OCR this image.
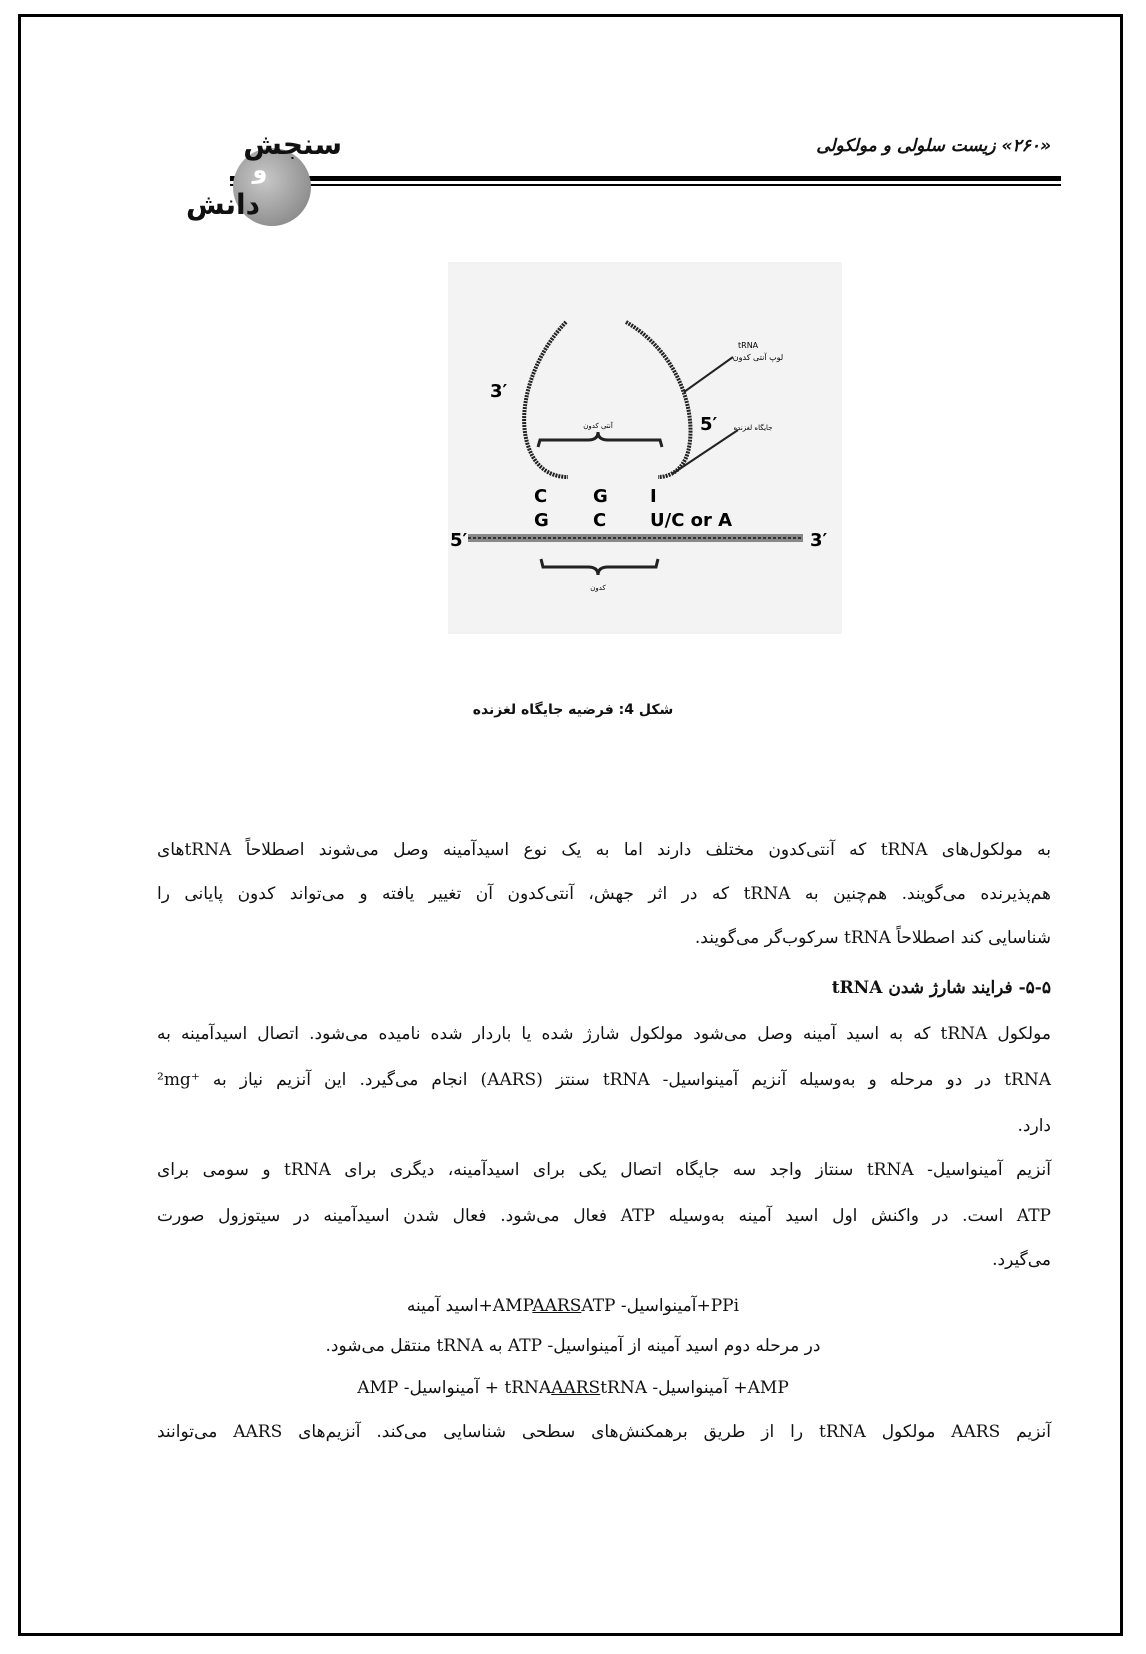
«۲۶۰» زیست سلولی و مولکولی
سنجش
و
دانش
3′
5′
tRNA
لوپ آنتی کدون
آنتی کدون	جایگاه لغزنده
C	G I
G C U/C or A
5′	3′
کدون
شکل 4: فرضیه جایگاه لغزنده
به مولکول‌های tRNA که آنتی‌کدون مختلف دارند اما به یک نوع اسیدآمینه وصل می‌شوند اصطلاحاً tRNAهای
هم‌پذیرنده می‌گویند. هم‌چنین به tRNA که در اثر جهش، آنتی‌کدون آن تغییر یافته و می‌تواند کدون پایانی را
شناسایی کند اصطلاحاً tRNA سرکوب‌گر می‌گویند.
۵-۵- فرایند شارژ شدن tRNA
مولکول tRNA که به اسید آمینه وصل می‌شود مولکول شارژ شده یا باردار شده نامیده می‌شود. اتصال اسیدآمینه به
tRNA در دو مرحله و به‌وسیله آنزیم آمینواسیل- tRNA سنتز (AARS) انجام می‌گیرد. این آنزیم نیاز به ⁺²mg
دارد.
آنزیم آمینواسیل- tRNA سنتاز واجد سه جایگاه اتصال یکی برای اسیدآمینه، دیگری برای tRNA و سومی برای
ATP است. در واکنش اول اسید آمینه به‌وسیله ATP فعال می‌شود. فعال شدن اسیدآمینه در سیتوزول صورت
می‌گیرد.
PPi+آمینواسیل- AMPAARSATP+اسید آمینه
در مرحله دوم اسید آمینه از آمینواسیل- ATP به tRNA منتقل می‌شود.
AMP+ آمینواسیل- tRNAAARStRNA + آمینواسیل- AMP
آنزیم AARS مولکول tRNA را از طریق برهمکنش‌های سطحی شناسایی می‌کند. آنزیم‌های AARS می‌توانند
